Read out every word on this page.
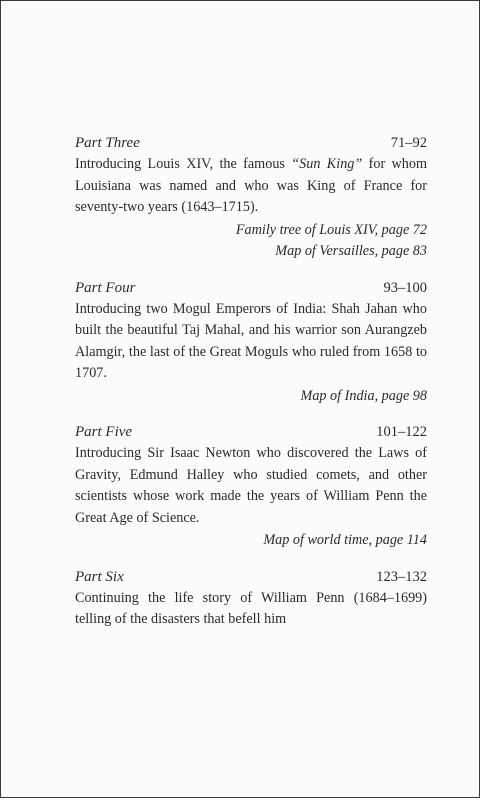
Part Three	71–92

Introducing Louis XIV, the famous “Sun King” for whom Louisiana was named and who was King of France for seventy-two years (1643–1715).

Family tree of Louis XIV, page 72
Map of Versailles, page 83
Part Four	93–100

Introducing two Mogul Emperors of India: Shah Jahan who built the beautiful Taj Mahal, and his warrior son Aurangzeb Alamgir, the last of the Great Moguls who ruled from 1658 to 1707.

Map of India, page 98
Part Five	101–122

Introducing Sir Isaac Newton who discovered the Laws of Gravity, Edmund Halley who studied comets, and other scientists whose work made the years of William Penn the Great Age of Science.

Map of world time, page 114
Part Six	123–132

Continuing the life story of William Penn (1684–1699) telling of the disasters that befell him
